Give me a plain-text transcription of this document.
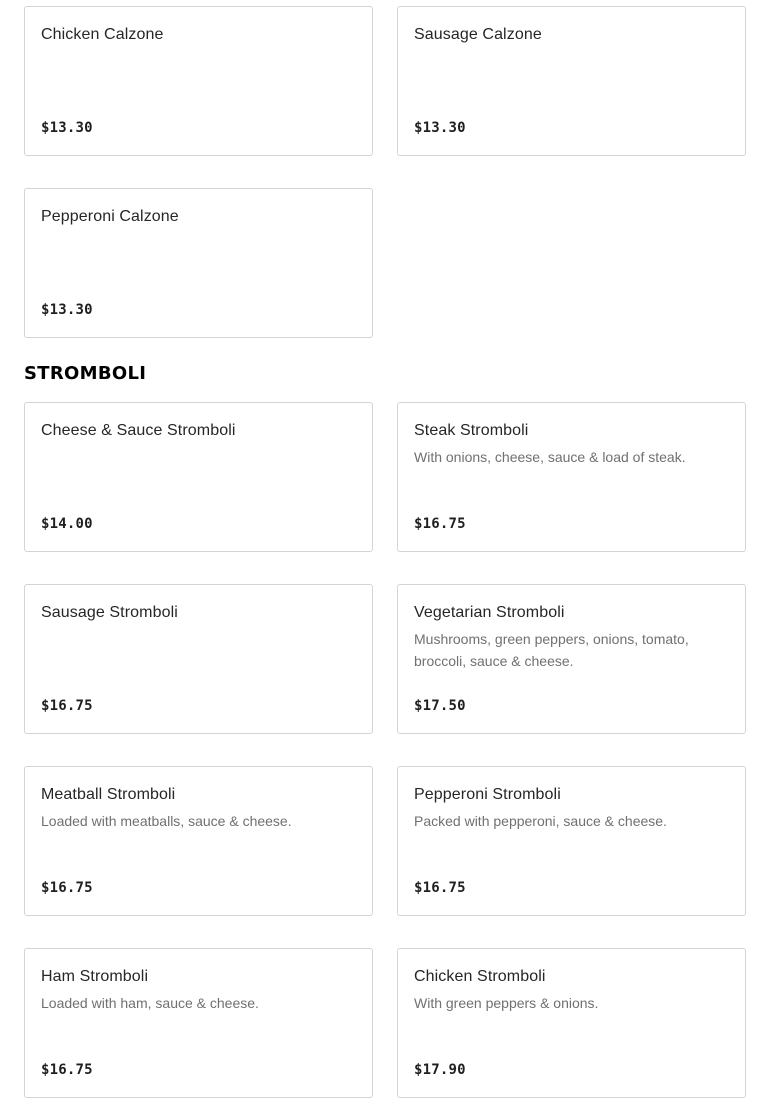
Chicken Calzone
$13.30
Sausage Calzone
$13.30
Pepperoni Calzone
$13.30
STROMBOLI
Cheese & Sauce Stromboli
$14.00
Steak Stromboli
With onions, cheese, sauce & load of steak.
$16.75
Sausage Stromboli
$16.75
Vegetarian Stromboli
Mushrooms, green peppers, onions, tomato, broccoli, sauce & cheese.
$17.50
Meatball Stromboli
Loaded with meatballs, sauce & cheese.
$16.75
Pepperoni Stromboli
Packed with pepperoni, sauce & cheese.
$16.75
Ham Stromboli
Loaded with ham, sauce & cheese.
$16.75
Chicken Stromboli
With green peppers & onions.
$17.90
